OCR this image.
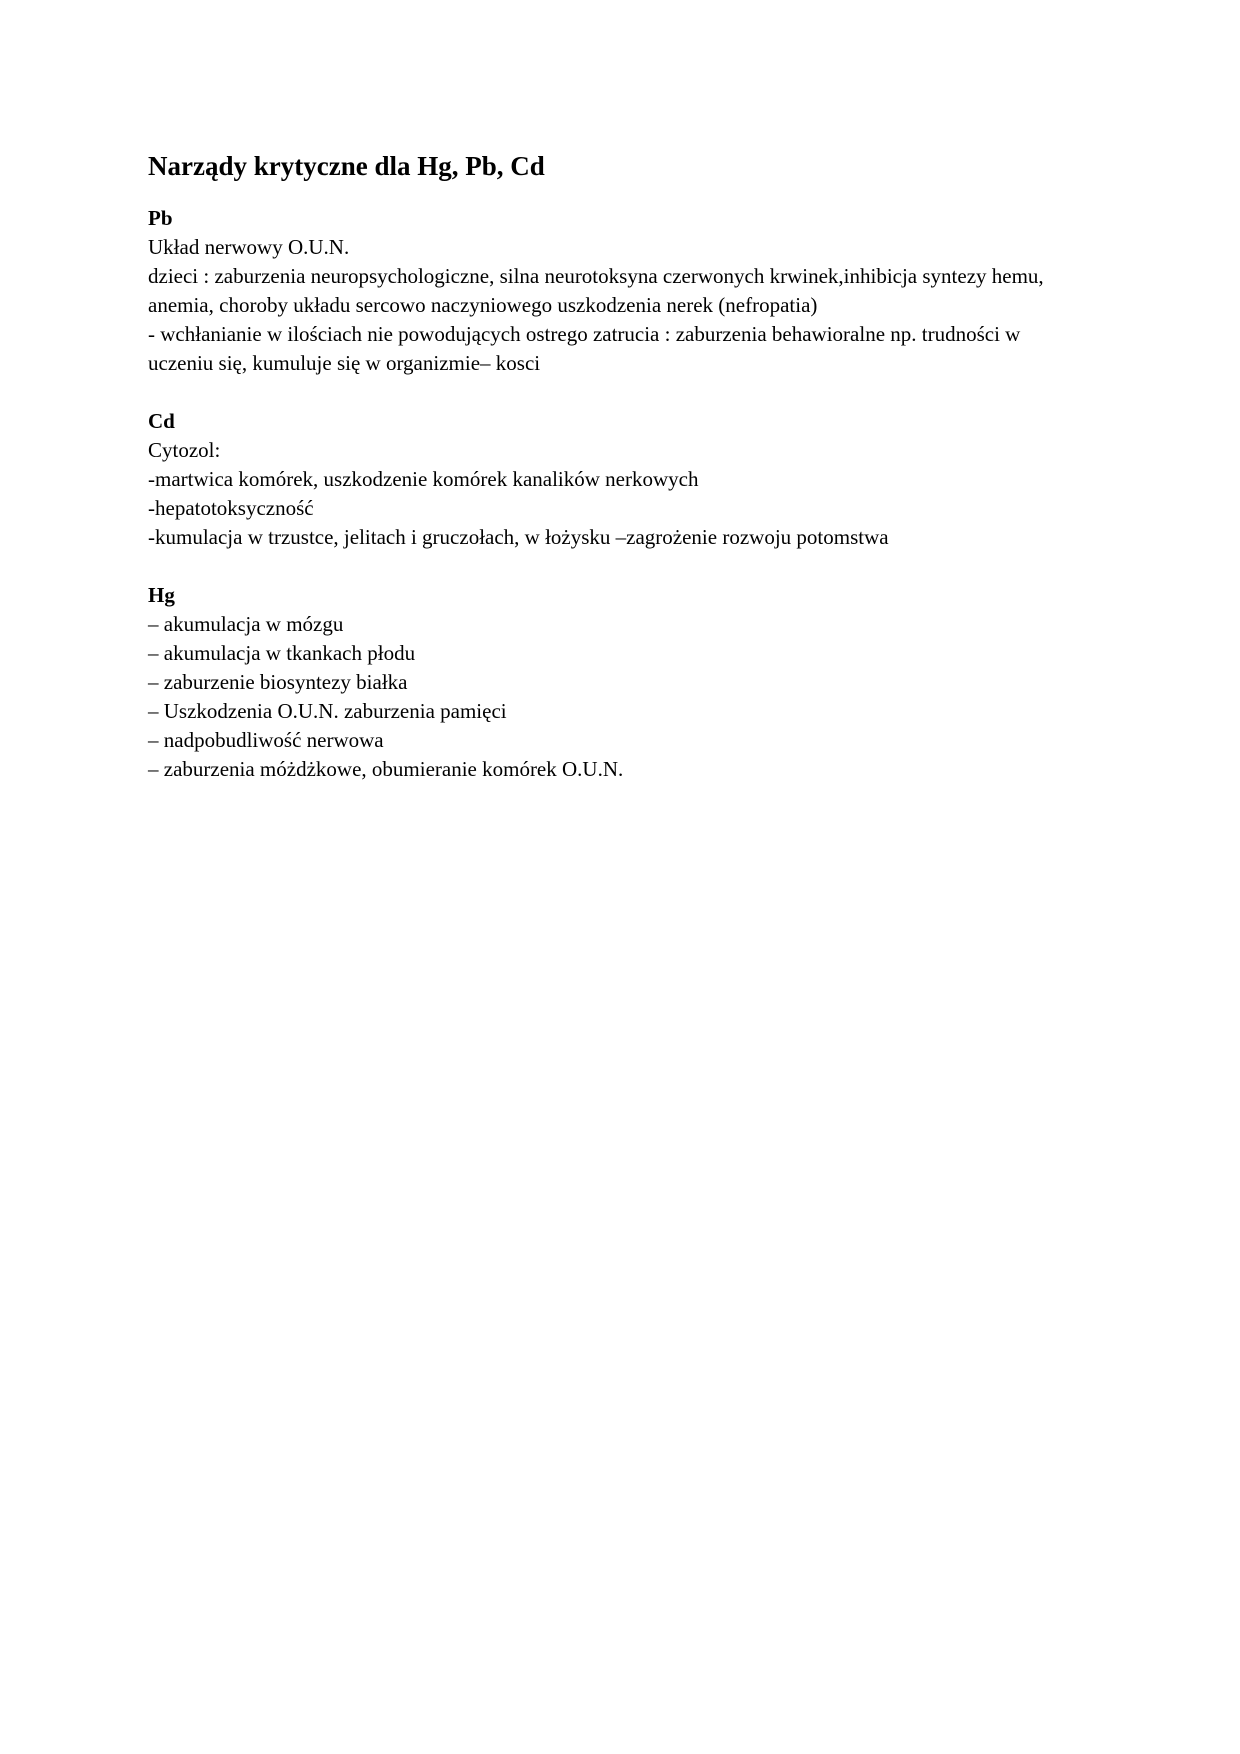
Narządy krytyczne dla Hg, Pb, Cd
Pb
Układ nerwowy O.U.N.
dzieci : zaburzenia neuropsychologiczne, silna neurotoksyna czerwonych krwinek,inhibicja syntezy hemu, anemia, choroby układu sercowo naczyniowego uszkodzenia nerek (nefropatia)
- wchłanianie w ilościach nie powodujących ostrego zatrucia : zaburzenia behawioralne np. trudności w uczeniu się, kumuluje się w organizmie– kosci
Cd
Cytozol:
-martwica komórek, uszkodzenie komórek kanalików nerkowych
-hepatotoksyczność
-kumulacja w trzustce, jelitach i gruczołach, w łożysku –zagrożenie rozwoju potomstwa
Hg
– akumulacja w mózgu
– akumulacja w tkankach płodu
– zaburzenie biosyntezy białka
– Uszkodzenia O.U.N. zaburzenia pamięci
– nadpobudliwość nerwowa
– zaburzenia móżdżkowe, obumieranie komórek O.U.N.
